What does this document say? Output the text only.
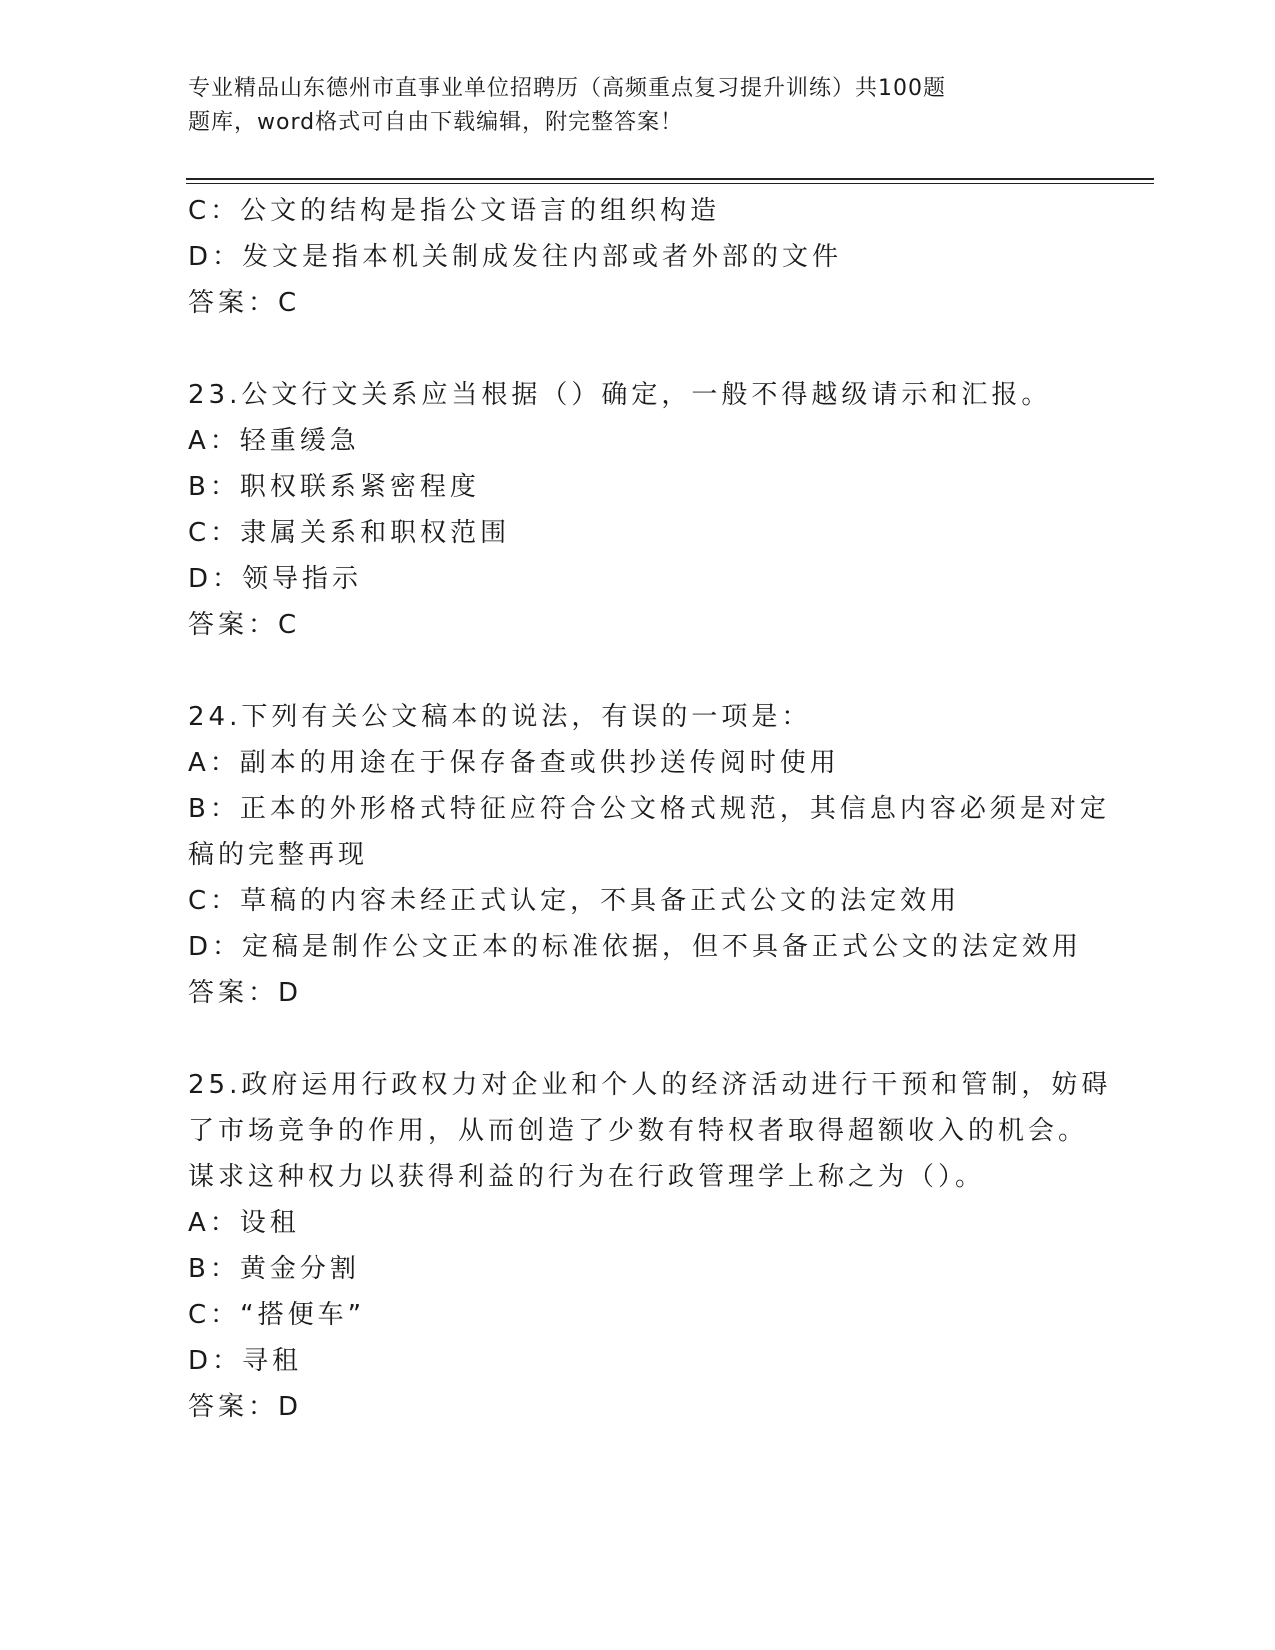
专业精品山东德州市直事业单位招聘历（高频重点复习提升训练）共100题
题库，word格式可自由下载编辑，附完整答案！
C：公文的结构是指公文语言的组织构造
D：发文是指本机关制成发往内部或者外部的文件
答案：C
23.公文行文关系应当根据（）确定，一般不得越级请示和汇报。
A：轻重缓急
B：职权联系紧密程度
C：隶属关系和职权范围
D：领导指示
答案：C
24.下列有关公文稿本的说法，有误的一项是：
A：副本的用途在于保存备查或供抄送传阅时使用
B：正本的外形格式特征应符合公文格式规范，其信息内容必须是对定
稿的完整再现
C：草稿的内容未经正式认定，不具备正式公文的法定效用
D：定稿是制作公文正本的标准依据，但不具备正式公文的法定效用
答案：D
25.政府运用行政权力对企业和个人的经济活动进行干预和管制，妨碍
了市场竞争的作用，从而创造了少数有特权者取得超额收入的机会。
谋求这种权力以获得利益的行为在行政管理学上称之为（）。
A：设租
B：黄金分割
C：“搭便车”
D：寻租
答案：D
